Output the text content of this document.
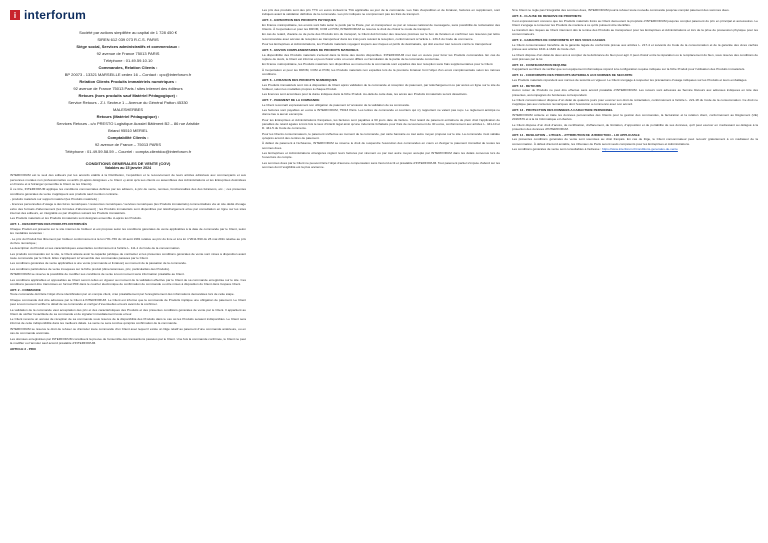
i interforum

Société par actions simplifiée au capital de 1 728 450 €

SIREN 612 039 073 R.C.S. PARIS

Siège social, Services administratifs et commerciaux :

92 avenue de France 75013 PARIS

Téléphone : 01.49.59.10.10

Commandes, Relation Clients :

BP 20073 - 13321 MARSEILLE cedex 16 – Contact : cpc@interforum.fr

Relation Clients Produits immatériels numériques :

92 avenue de France 75013 Paris / sites internet des éditeurs

Retours (hors produits sauf Matériel Pédagogique) :

Service Retours - Z.I. Secteur 1 – Avenue du Général Patton 45330

MALESHERBES

Retours (Matériel Pédagogique) :

Services Retours - c/o PRESTO Logistique Aussiel Bâtiment B2 – 86 rue Aristide

Briand 95510 MERIEL

Comptabilité Clients :

92 avenue de France – 75013 PARIS

Téléphone : 01.49.59.58.59 – Courriel : compta.clientdoc@interforum.fr

CONDITIONS GENERALES DE VENTE (CGV)
Valables au 15 janvier 2024

INTERFORUM est le seul des éditeurs par les accords établis à la Distribution, l'expédition et le recouvrement de leurs articles éditoriaux aux commerçants et aux personnes morales non professionnelles ou actifs (ci-après désignées « le Client ») ainsi qu'à ses clients ou assemblées des Administrations et les Entreprises Assimilées en France et à l'étranger (ensemble le Client ou les Clients).

À ce titre, INTERFORUM applique les conditions commerciales définies par les éditeurs, à prix de vente, remises, fonctionnalités des des livraisons, etc. ; ces présentes conditions générales de vente s'appliquent aux produits sauf mention contraire.

- produits matériels sur support matériel (les Produits matériels) ;

- licences personnelles d'usage à des livres numériques / ressources numériques / services numériques (les Produits immatériels) commercialisés via un site dédié d'usage et/ou des formats d'abonnement (les formules d'abonnement) ; les Produits immatériels sont disponibles par téléchargement et/ou par consultation en ligne sur les sites internet des éditeurs, en intégralité ou par chapitres suivant les Produits immatériels.

Les Produits matériels et les Produits immatériels sont désignés ensemble ci-après les Produits.

ART. 1 - DESCRIPTION DES PRODUITS DISTRIBUÉS

Chaque Produit est présenté sur le site internet de l'éditeur et est proposé selon les conditions générales de vente applicables à la date de commande par le Client, selon les modalités suivantes :

- Le prix du Produit fixé librement par l'éditeur conformément à la loi n°81-766 du 10 août 1981 relative au prix du livre et à la loi n°2011-590 du 26 mai 2011 relative au prix du livre numérique ;

La description du Produit et ses caractéristiques essentielles conformément à l'article L. 111-1 du Code de la consommation.

Les produits commandés sur le site, le Client atteste avoir la capacité juridique de contracter et les présentes conditions générales de vente sont mises à disposition avant toute commande par le Client. Elles s'appliquent à l'ensemble des commandes passées par le Client.

Les conditions générales de vente applicables à une vente (commande et livraison) au moment de la passation de la commande.

Les conditions particulières de vente invoquées sur la fiche produit (dimensionnées, prix, particularités des Produits).

INTERFORUM se réserve la possibilité de modifier ses conditions de vente à tout moment sans information préalable au Client.

Les conditions applicables et opposables au Client seront celles en vigueur au moment de la validation effective par le Client de sa commande enregistrée sur le site. Ces conditions peuvent être transmises en format PDF dans le courrier électronique de confirmation de commande ou être mises à disposition du Client dans l'espace Client.

ART. 2 - COMMANDE

Toute commande doit faire l'objet d'une identification par un compte client, créé préalablement par l'enregistrement des informations demandées lors de cette étape.

Chaque commande doit être adressée par le Client à INTERFORUM. Le Client est informé que la commande de Produits implique une obligation de paiement. Le Client peut à tout moment vérifier le détail de sa commande et corriger d'éventuelles erreurs avant de la confirmer.

La validation de la commande vaut acceptation des prix et des caractéristiques des Produits et des présentes conditions générales de vente par le Client. Il appartient au Client de vérifier l'exactitude de sa commande et de signaler immédiatement toute erreur.

Le Client recevra un accusé de réception de sa commande sous réserve de la disponibilité des Produits dans le cas où les Produits seraient indisponibles. Le Client sera informé de cette indisponibilité dans les meilleurs délais. La vente ne sera conclue qu'après confirmation de la commande.

INTERFORUM se réserve le droit de refuser ou d'annuler toute commande d'un Client avec lequel il existe un litige relatif au paiement d'une commande antérieure, ou en cas de commande anormale.

Les données enregistrées par INTERFORUM constituent la preuve de l'ensemble des transactions passées par le Client. Une fois la commande confirmée, le Client ne peut la modifier ou l'annuler sauf accord préalable d'INTERFORUM.

ARTICLE 3 - PRIX

Les prix des produits sont des prix TTC en euros incluant la TVA applicable au jour de la commande. Les frais d'expédition et de livraison, facturés en supplément, sont indiqués avant la validation définitive de la commande. Les prix indiqués ne comprennent pas les frais de transport.

ART. 4 - EXPEDITION DES PRODUITS PHYSIQUES

En France métropolitaine, les envois sont faits selon le poids par la Poste, par un transporteur ou par un réseau national de messagerie, sans possibilité de réclamation des Clients. À l'exportation et pour les DROM, COM et POM, INTERFORUM se réserve le droit de choisir le mode de transport.

En cas de retard, d'avarie ou de perte des Produits lors du transport, le Client doit formuler des réserves précises sur le bon de livraison et confirmer ses réserves par lettre recommandée avec accusé de réception au transporteur dans les trois jours suivant la réception, conformément à l'article L. 133-3 du Code de commerce.

Pour les Entreprises et Administrations, les Produits matériels voyagent toujours aux risques et périls du destinataire, qui doit exercer tout recours contre le transporteur.

ART. 5 - ENVOIS COMPLEMENTAIRES DE PRODUITS MATERIELS

La disponibilité des Produits matériels s'entend dans la limite des stocks disponibles. INTERFORUM met tout en œuvre pour livrer les Produits commandés. En cas de rupture de stock, le Client est informé et peut choisir entre un envoi différé ou l'annulation de la partie de la commande concernée.

En France métropolitaine, les Produits matériels non disponibles au moment de la commande sont expédiés dès leur réception sans frais supplémentaires pour le Client.

À l'exportation et pour les DROM, COM et POM, les Produits matériels non expédiés lors de la première livraison font l'objet d'un envoi complémentaire selon les mêmes conditions.

ART. 6 - LIVRAISON DES PRODUITS NUMERIQUES

Les Produits immatériels sont mis à disposition du Client après validation de la commande et réception du paiement, par téléchargement ou par accès en ligne sur le site de l'éditeur, selon les modalités propres à chaque Produit.

Les licences sont accordées pour la durée indiquée dans la fiche Produit. Au-delà de cette date, les accès aux Produits immatériels seront désactivés.

ART. 7 - PAIEMENT DE LA COMMANDE

Le Client reconnaît expressément son obligation de paiement à l'occasion de la validation de sa commande.

Les factures sont payables en euros à INTERFORUM, 75013 Paris. Les lettres de commande et courriers qui s'y rapportent ne valent pas reçu. Le règlement anticipé ne donne lieu à aucun escompte.

Pour les Entreprises et Administrations françaises, les factures sont payables à 60 jours date de facture. Tout retard de paiement entraînera de plein droit l'application de pénalités de retard égales à trois fois le taux d'intérêt légal ainsi qu'une indemnité forfaitaire pour frais de recouvrement de 40 euros, conformément aux articles L. 441-10 et D. 441-5 du Code de commerce.

Pour les Clients consommateurs, le paiement s'effectue au moment de la commande, par carte bancaire ou tout autre moyen proposé sur le site. La commande n'est validée qu'après accord des centres de paiement.

À défaut de paiement à l'échéance, INTERFORUM se réserve le droit de suspendre l'exécution des commandes en cours et d'exiger le paiement immédiat de toutes les sommes dues.

Les Entreprises et Administrations étrangères règlent leurs factures par virement ou par tout autre moyen accepté par INTERFORUM dans les délais convenus lors de l'ouverture du compte.

Les sommes dues par le Client ne peuvent faire l'objet d'aucune compensation sans l'accord écrit et préalable d'INTERFORUM. Tout paiement partiel s'impute d'abord sur les sommes dont l'exigibilité est la plus ancienne.

Si le Client ne règle pas l'intégralité des sommes dues, INTERFORUM pourra refuser toute nouvelle commande jusqu'au complet paiement des sommes dues.

ART. 8 - CLAUSE DE RESERVE DE PROPRIETE

Il est expressément convenu que les Produits matériels livrés au Client demeurent la propriété d'INTERFORUM jusqu'au complet paiement du prix en principal et accessoires. Le Client s'engage à conserver les Produits de manière à ce qu'ils puissent être identifiés.

Le transfert des risques au Client intervient dès la remise des Produits au transporteur pour les Entreprises et Administrations et lors de la prise de possession physique pour les consommateurs.

ART. 9 - GARANTIES DE CONFORMITE ET DES VICES CACHES

Le Client consommateur bénéficie de la garantie légale de conformité prévue aux articles L. 217-4 et suivants du Code de la consommation et de la garantie des vices cachés prévue aux articles 1641 à 1649 du Code civil.

Le Client dispose d'un délai de deux ans à compter de la délivrance du bien pour agir. Il peut choisir entre la réparation ou le remplacement du bien, sous réserve des conditions de coût prévues par la loi.

ART. 10 - CONFIGURATION REQUISE

Il appartient au Client de vérifier que son équipement informatique répond à la configuration requise indiquée sur la fiche Produit pour l'utilisation des Produits immatériels.

ART. 11 - CONFORMITE DES PRODUITS MATERIELS AUX NORMES DE SECURITE

Les Produits matériels répondent aux normes de sécurité en vigueur. Le Client s'engage à respecter les précautions d'usage indiquées sur les Produits et leurs emballages.

ART. 12 - RETOURS

Aucun retour de Produits ne peut être effectué sans accord préalable d'INTERFORUM. Les retours sont adressés au Service Retours aux adresses indiquées en tête des présentes, accompagnés du bordereau correspondant.

Le Client consommateur dispose d'un délai de quatorze jours pour exercer son droit de rétractation, conformément à l'article L. 221-18 du Code de la consommation. Ce droit ne s'applique pas aux contenus numériques dont l'exécution a commencé avec son accord.

ART. 13 - PROTECTION DES DONNEES A CARACTERE PERSONNEL

INTERFORUM collecte et traite les données personnelles des Clients pour la gestion des commandes, la facturation et la relation client, conformément au Règlement (UE) 2016/679 et à la loi Informatique et Libertés.

Le Client dispose d'un droit d'accès, de rectification, d'effacement, de limitation, d'opposition et de portabilité de ses données, qu'il peut exercer en s'adressant au délégué à la protection des données d'INTERFORUM.

ART. 14 - RESILIATION – LITIGES – ATTRIBUTION DE JURIDICTION – LOI APPLICABLE

Les présentes conditions générales de vente sont soumises au droit français. En cas de litige, le Client consommateur peut recourir gratuitement à un médiateur de la consommation. À défaut d'accord amiable, les tribunaux de Paris seront seuls compétents pour les Entreprises et Administrations.

Les conditions générales de vente sont consultables à l'adresse : https://www.interforum.fr/conditions-generales-de-vente
